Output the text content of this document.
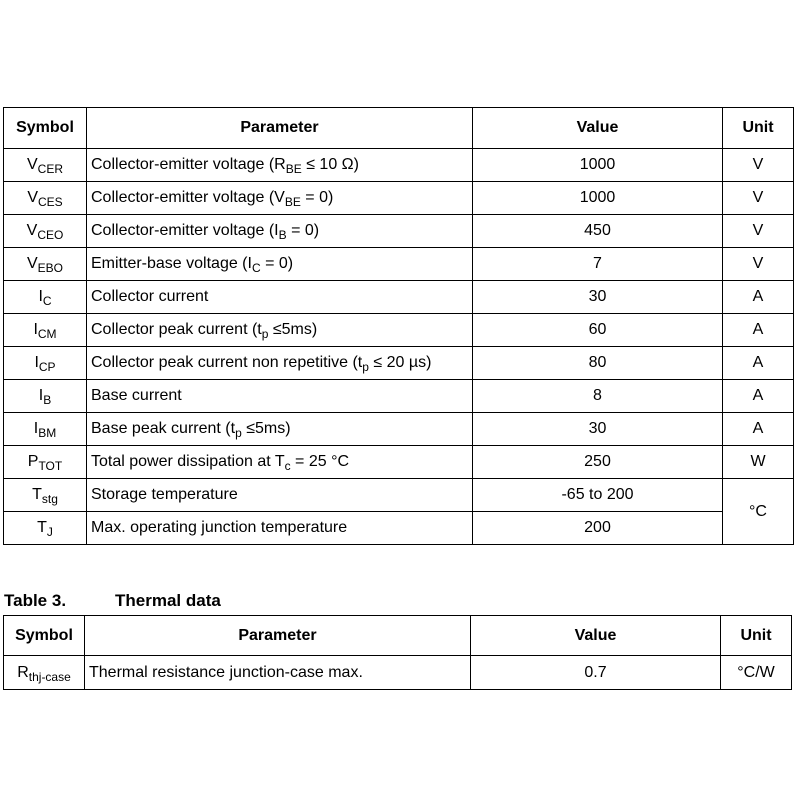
Symbol	Parameter	Value	Unit
$V_{CER}$	Collector-emitter voltage ($R_{BE} \le 10$ Ω)	1000	V
$V_{CES}$	Collector-emitter voltage $(V_{BE} = 0)$	1000	V
$V_{CEO}$	Collector-emitter voltage $(I_B = 0)$	450	V
$V_{EBO}$	Emitter-base voltage $(I_C = 0)$	7	V
$I_C$	Collector current	30	A
$I_{CM}$	Collector peak current $(t_p \le 5ms)$	60	A
$I_{CP}$	Collector peak current non repetitive ($t_p \le 20$ µs)	80	A
$I_B$	Base current	8	A
$I_{BM}$	Base peak current $(t_p \le 5ms)$	30	A
$P_{TOT}$	Total power dissipation at $T_c = 25$ °C	250	W
$T_{stg}$	Storage temperature	-65 to 200	°C
$T_J$	Max. operating junction temperature	200	
Table 3.	Thermal data
Symbol	Parameter	Value	Unit
$R_{thj-case}$	Thermal resistance junction-case max.	0.7	°C/W
